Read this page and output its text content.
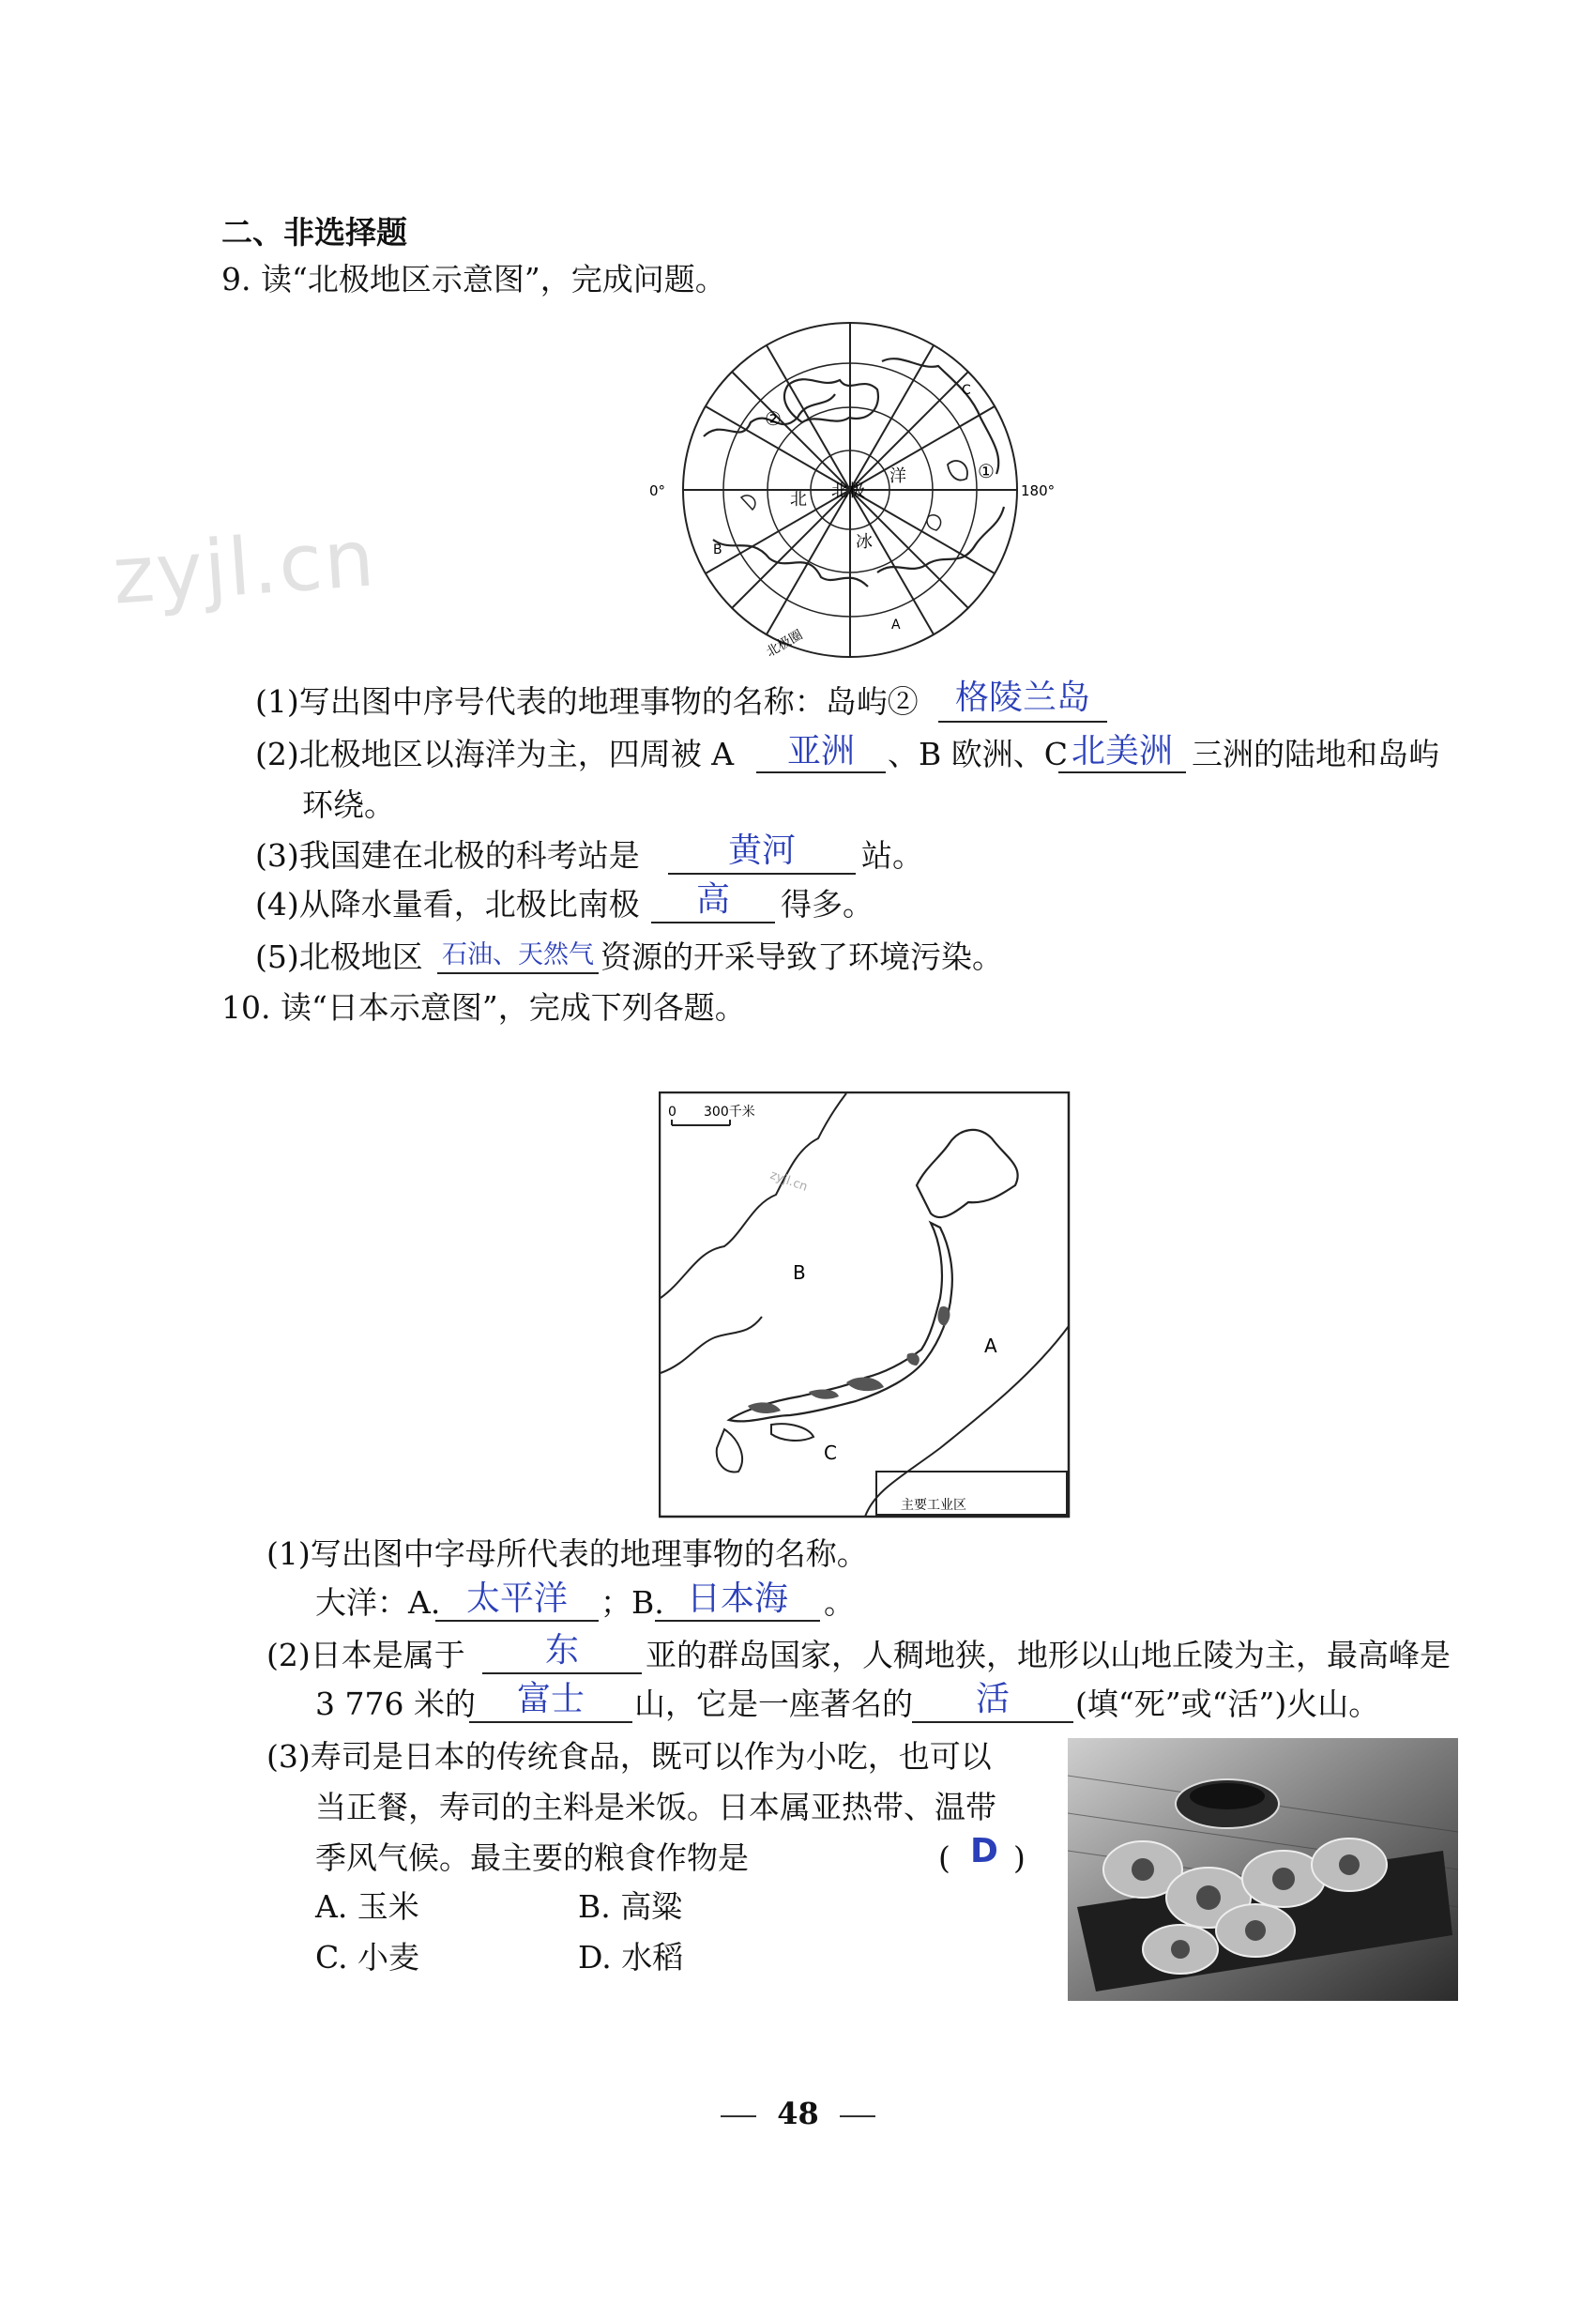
zyjl.cn
二、非选择题
9. 读“北极地区示意图”，完成问题。
0°	180°
北 北极
洋
冰
②
①
A
B
C
北极圈
(1)写出图中序号代表的地理事物的名称：岛屿②	格陵兰岛
(2)北极地区以海洋为主，四周被 A	亚洲	、B 欧洲、C 北美洲 三洲的陆地和岛屿
环绕。
(3)我国建在北极的科考站是	黄河	站。
(4)从降水量看，北极比南极	高	得多。
(5)北极地区 石油、天然气 资源的开采导致了环境污染。
10. 读“日本示意图”，完成下列各题。
0 300千米
B
A
C
主要工业区
zyjl.cn
(1)写出图中字母所代表的地理事物的名称。
大洋：A. 太平洋	；B. 日本海	。
(2)日本是属于	东	亚的群岛国家，人稠地狭，地形以山地丘陵为主，最高峰是
3 776 米的	富士	山，它是一座著名的	活	(填“死”或“活”)火山。
(3)寿司是日本的传统食品，既可以作为小吃，也可以
当正餐，寿司的主料是米饭。日本属亚热带、温带
季风气候。最主要的粮食作物是	( D )
A. 玉米	B. 高粱
C. 小麦	D. 水稻
48
